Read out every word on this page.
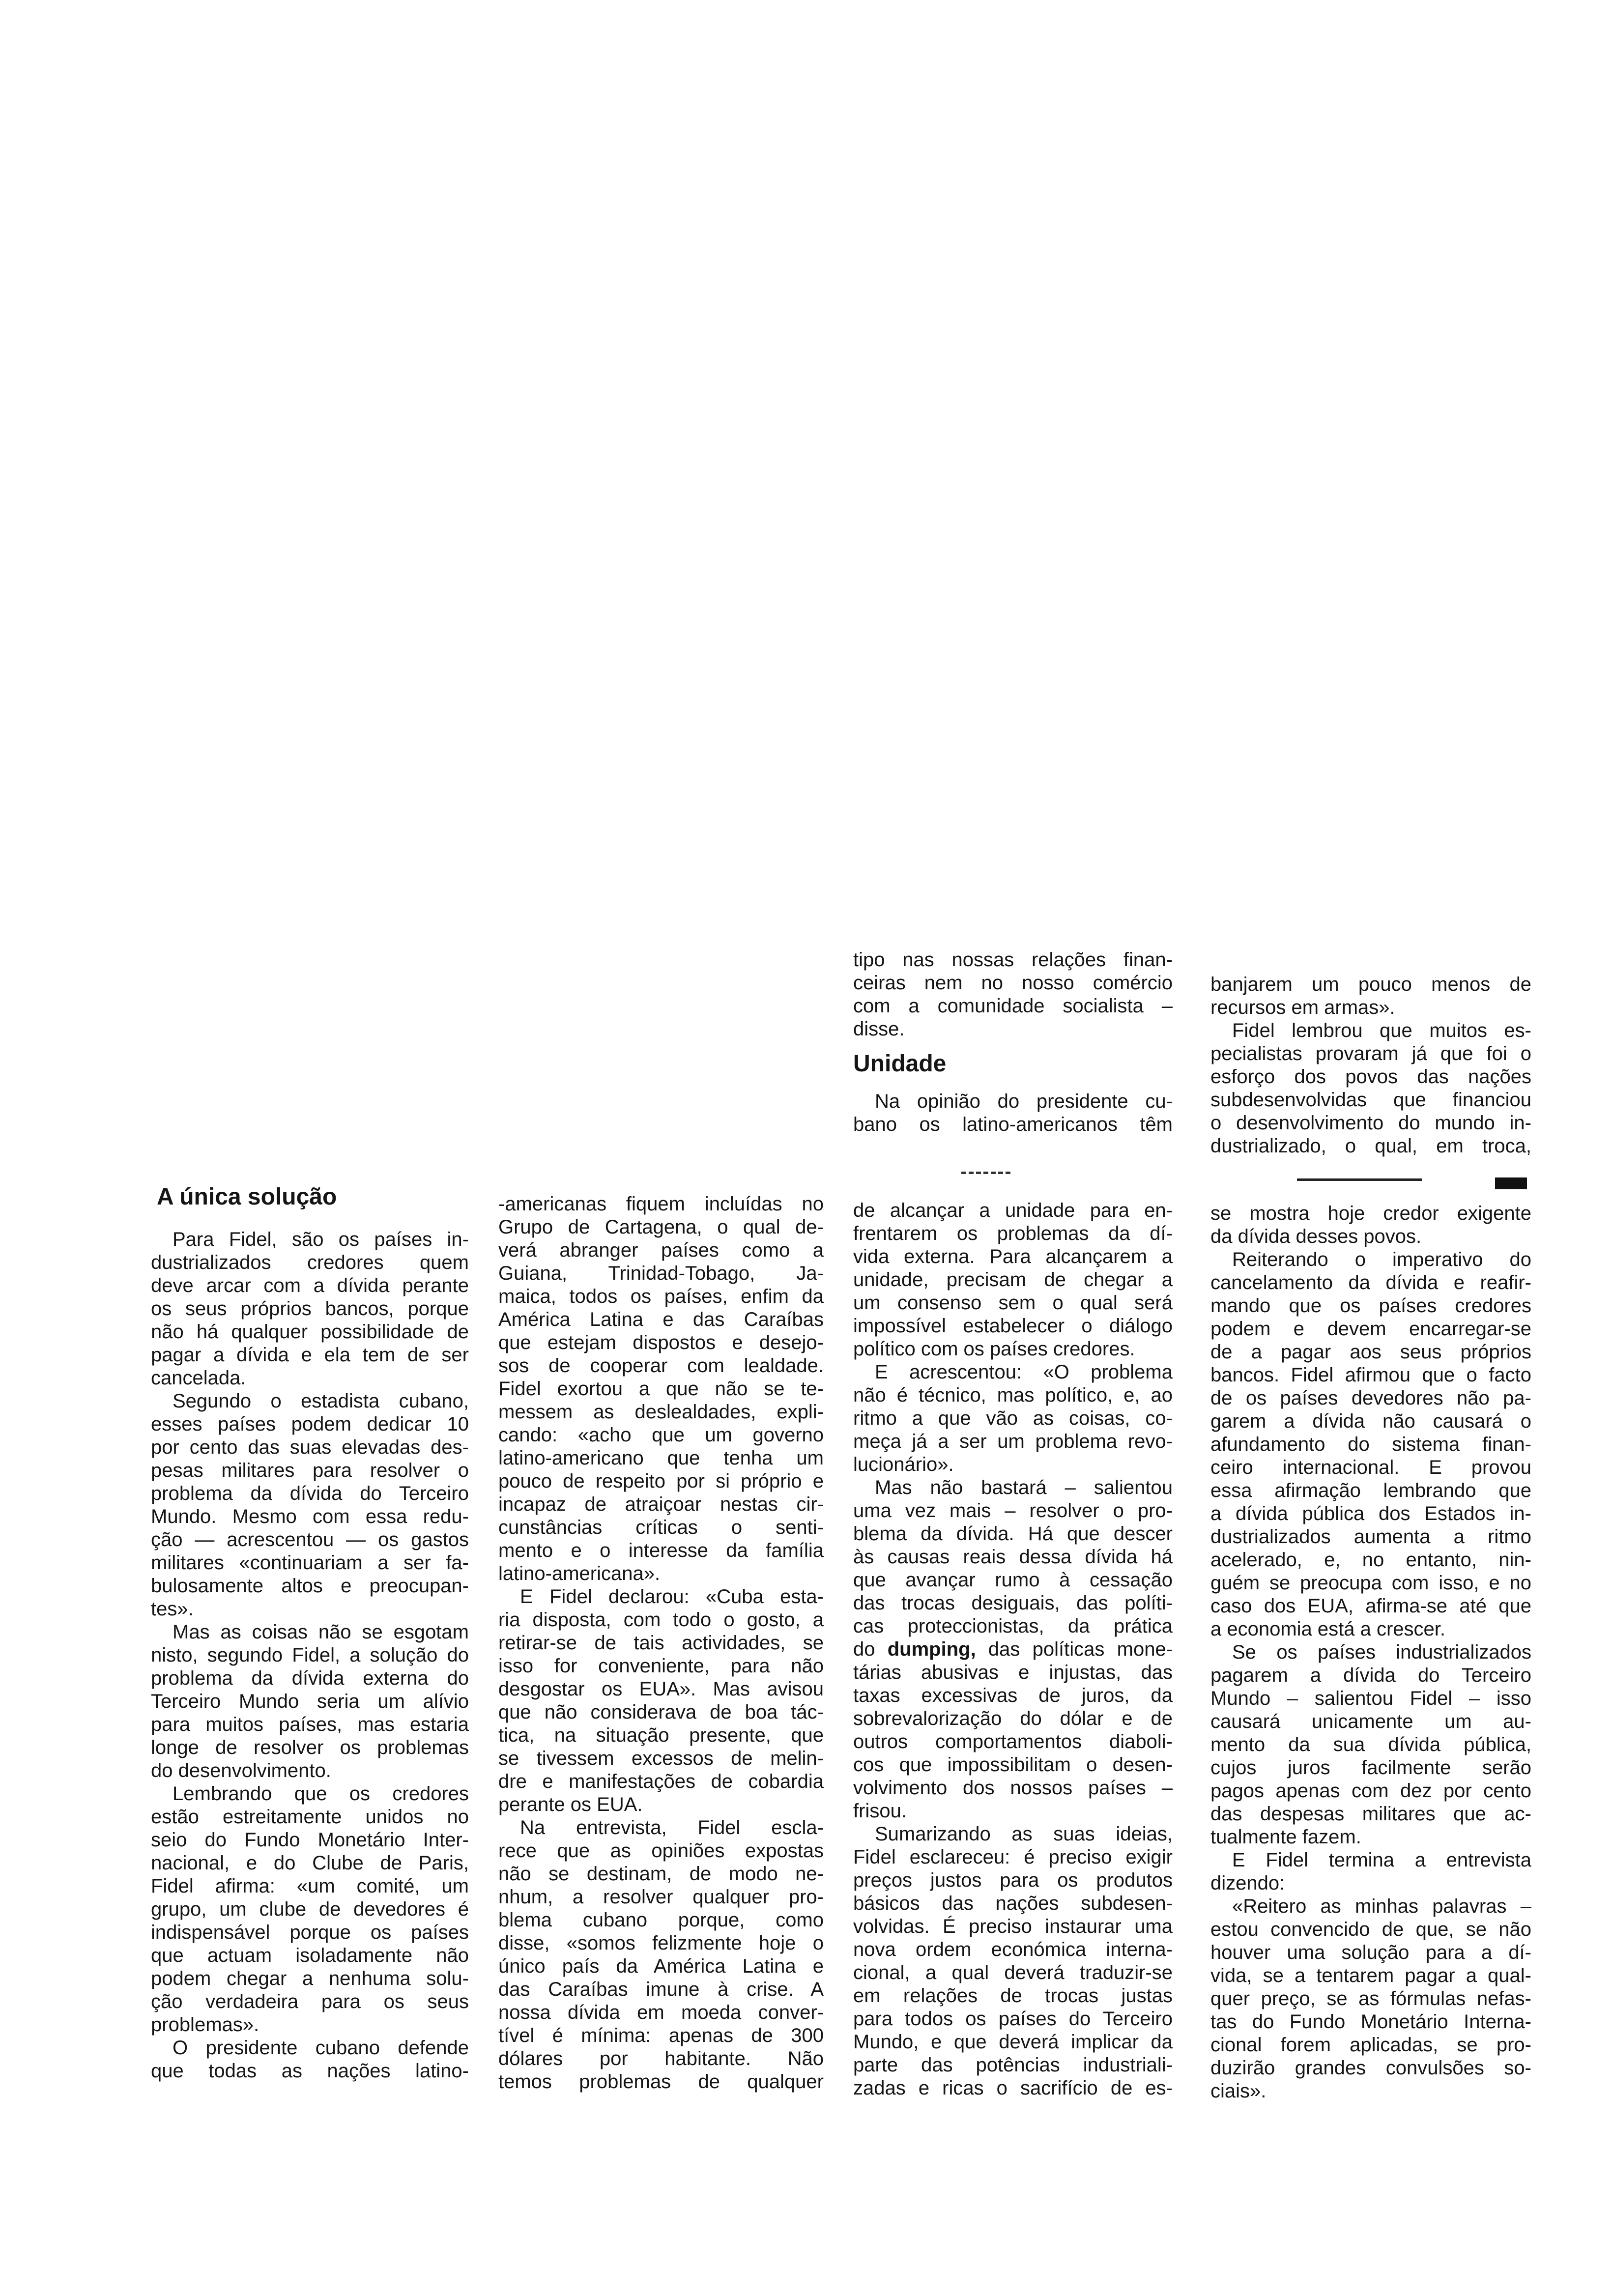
A única solução
Para Fidel, são os países in-
dustrializados credores quem
deve arcar com a dívida perante
os seus próprios bancos, porque
não há qualquer possibilidade de
pagar a dívida e ela tem de ser
cancelada.
Segundo o estadista cubano,
esses países podem dedicar 10
por cento das suas elevadas des-
pesas militares para resolver o
problema da dívida do Terceiro
Mundo. Mesmo com essa redu-
ção — acrescentou — os gastos
militares «continuariam a ser fa-
bulosamente altos e preocupan-
tes».
Mas as coisas não se esgotam
nisto, segundo Fidel, a solução do
problema da dívida externa do
Terceiro Mundo seria um alívio
para muitos países, mas estaria
longe de resolver os problemas
do desenvolvimento.
Lembrando que os credores
estão estreitamente unidos no
seio do Fundo Monetário Inter-
nacional, e do Clube de Paris,
Fidel afirma: «um comité, um
grupo, um clube de devedores é
indispensável porque os países
que actuam isoladamente não
podem chegar a nenhuma solu-
ção verdadeira para os seus
problemas».
O presidente cubano defende
que todas as nações latino-
-americanas fiquem incluídas no
Grupo de Cartagena, o qual de-
verá abranger países como a
Guiana, Trinidad-Tobago, Ja-
maica, todos os países, enfim da
América Latina e das Caraíbas
que estejam dispostos e desejo-
sos de cooperar com lealdade.
Fidel exortou a que não se te-
messem as deslealdades, expli-
cando: «acho que um governo
latino-americano que tenha um
pouco de respeito por si próprio e
incapaz de atraiçoar nestas cir-
cunstâncias críticas o senti-
mento e o interesse da família
latino-americana».
E Fidel declarou: «Cuba esta-
ria disposta, com todo o gosto, a
retirar-se de tais actividades, se
isso for conveniente, para não
desgostar os EUA». Mas avisou
que não considerava de boa tác-
tica, na situação presente, que
se tivessem excessos de melin-
dre e manifestações de cobardia
perante os EUA.
Na entrevista, Fidel escla-
rece que as opiniões expostas
não se destinam, de modo ne-
nhum, a resolver qualquer pro-
blema cubano porque, como
disse, «somos felizmente hoje o
único país da América Latina e
das Caraíbas imune à crise. A
nossa dívida em moeda conver-
tível é mínima: apenas de 300
dólares por habitante. Não
temos problemas de qualquer
tipo nas nossas relações finan-
ceiras nem no nosso comércio
com a comunidade socialista –
disse.
Unidade
Na opinião do presidente cu-
bano os latino-americanos têm
de alcançar a unidade para en-
frentarem os problemas da dí-
vida externa. Para alcançarem a
unidade, precisam de chegar a
um consenso sem o qual será
impossível estabelecer o diálogo
político com os países credores.
E acrescentou: «O problema
não é técnico, mas político, e, ao
ritmo a que vão as coisas, co-
meça já a ser um problema revo-
lucionário».
Mas não bastará – salientou
uma vez mais – resolver o pro-
blema da dívida. Há que descer
às causas reais dessa dívida há
que avançar rumo à cessação
das trocas desiguais, das políti-
cas proteccionistas, da prática
do dumping, das políticas mone-
tárias abusivas e injustas, das
taxas excessivas de juros, da
sobrevalorização do dólar e de
outros comportamentos diaboli-
cos que impossibilitam o desen-
volvimento dos nossos países –
frisou.
Sumarizando as suas ideias,
Fidel esclareceu: é preciso exigir
preços justos para os produtos
básicos das nações subdesen-
volvidas. É preciso instaurar uma
nova ordem económica interna-
cional, a qual deverá traduzir-se
em relações de trocas justas
para todos os países do Terceiro
Mundo, e que deverá implicar da
parte das potências industriali-
zadas e ricas o sacrifício de es-
banjarem um pouco menos de
recursos em armas».
Fidel lembrou que muitos es-
pecialistas provaram já que foi o
esforço dos povos das nações
subdesenvolvidas que financiou
o desenvolvimento do mundo in-
dustrializado, o qual, em troca,
se mostra hoje credor exigente
da dívida desses povos.
Reiterando o imperativo do
cancelamento da dívida e reafir-
mando que os países credores
podem e devem encarregar-se
de a pagar aos seus próprios
bancos. Fidel afirmou que o facto
de os países devedores não pa-
garem a dívida não causará o
afundamento do sistema finan-
ceiro internacional. E provou
essa afirmação lembrando que
a dívida pública dos Estados in-
dustrializados aumenta a ritmo
acelerado, e, no entanto, nin-
guém se preocupa com isso, e no
caso dos EUA, afirma-se até que
a economia está a crescer.
Se os países industrializados
pagarem a dívida do Terceiro
Mundo – salientou Fidel – isso
causará unicamente um au-
mento da sua dívida pública,
cujos juros facilmente serão
pagos apenas com dez por cento
das despesas militares que ac-
tualmente fazem.
E Fidel termina a entrevista
dizendo:
«Reitero as minhas palavras –
estou convencido de que, se não
houver uma solução para a dí-
vida, se a tentarem pagar a qual-
quer preço, se as fórmulas nefas-
tas do Fundo Monetário Interna-
cional forem aplicadas, se pro-
duzirão grandes convulsões so-
ciais».
